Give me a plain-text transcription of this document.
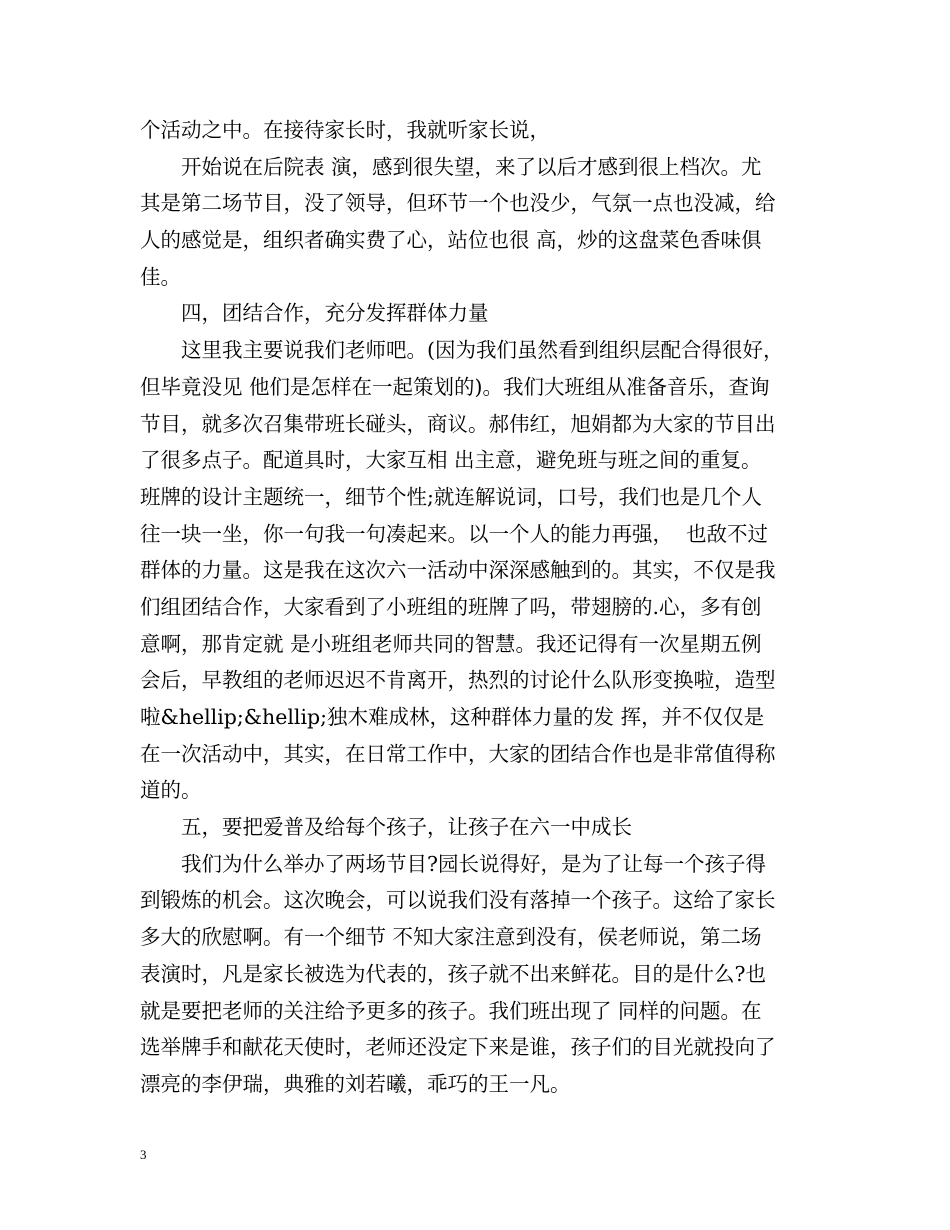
个活动之中。在接待家长时，我就听家长说，
　　开始说在后院表 演，感到很失望，来了以后才感到很上档次。尤
其是第二场节目，没了领导，但环节一个也没少，气氛一点也没减，给
人的感觉是，组织者确实费了心，站位也很 高，炒的这盘菜色香味俱
佳。
　　四，团结合作，充分发挥群体力量
　　这里我主要说我们老师吧。(因为我们虽然看到组织层配合得很好，
但毕竟没见 他们是怎样在一起策划的)。我们大班组从准备音乐，查询
节目，就多次召集带班长碰头，商议。郝伟红，旭娟都为大家的节目出
了很多点子。配道具时，大家互相 出主意，避免班与班之间的重复。
班牌的设计主题统一，细节个性;就连解说词，口号，我们也是几个人
往一块一坐，你一句我一句凑起来。以一个人的能力再强，  也敌不过
群体的力量。这是我在这次六一活动中深深感触到的。其实，不仅是我
们组团结合作，大家看到了小班组的班牌了吗，带翅膀的.心，多有创
意啊，那肯定就 是小班组老师共同的智慧。我还记得有一次星期五例
会后，早教组的老师迟迟不肯离开，热烈的讨论什么队形变换啦，造型
啦&hellip;&hellip;独木难成林，这种群体力量的发 挥，并不仅仅是
在一次活动中，其实，在日常工作中，大家的团结合作也是非常值得称
道的。
　　五，要把爱普及给每个孩子，让孩子在六一中成长
　　我们为什么举办了两场节目?园长说得好，是为了让每一个孩子得
到锻炼的机会。这次晚会，可以说我们没有落掉一个孩子。这给了家长
多大的欣慰啊。有一个细节 不知大家注意到没有，侯老师说，第二场
表演时，凡是家长被选为代表的，孩子就不出来鲜花。目的是什么?也
就是要把老师的关注给予更多的孩子。我们班出现了 同样的问题。在
选举牌手和献花天使时，老师还没定下来是谁，孩子们的目光就投向了
漂亮的李伊瑞，典雅的刘若曦，乖巧的王一凡。
3
